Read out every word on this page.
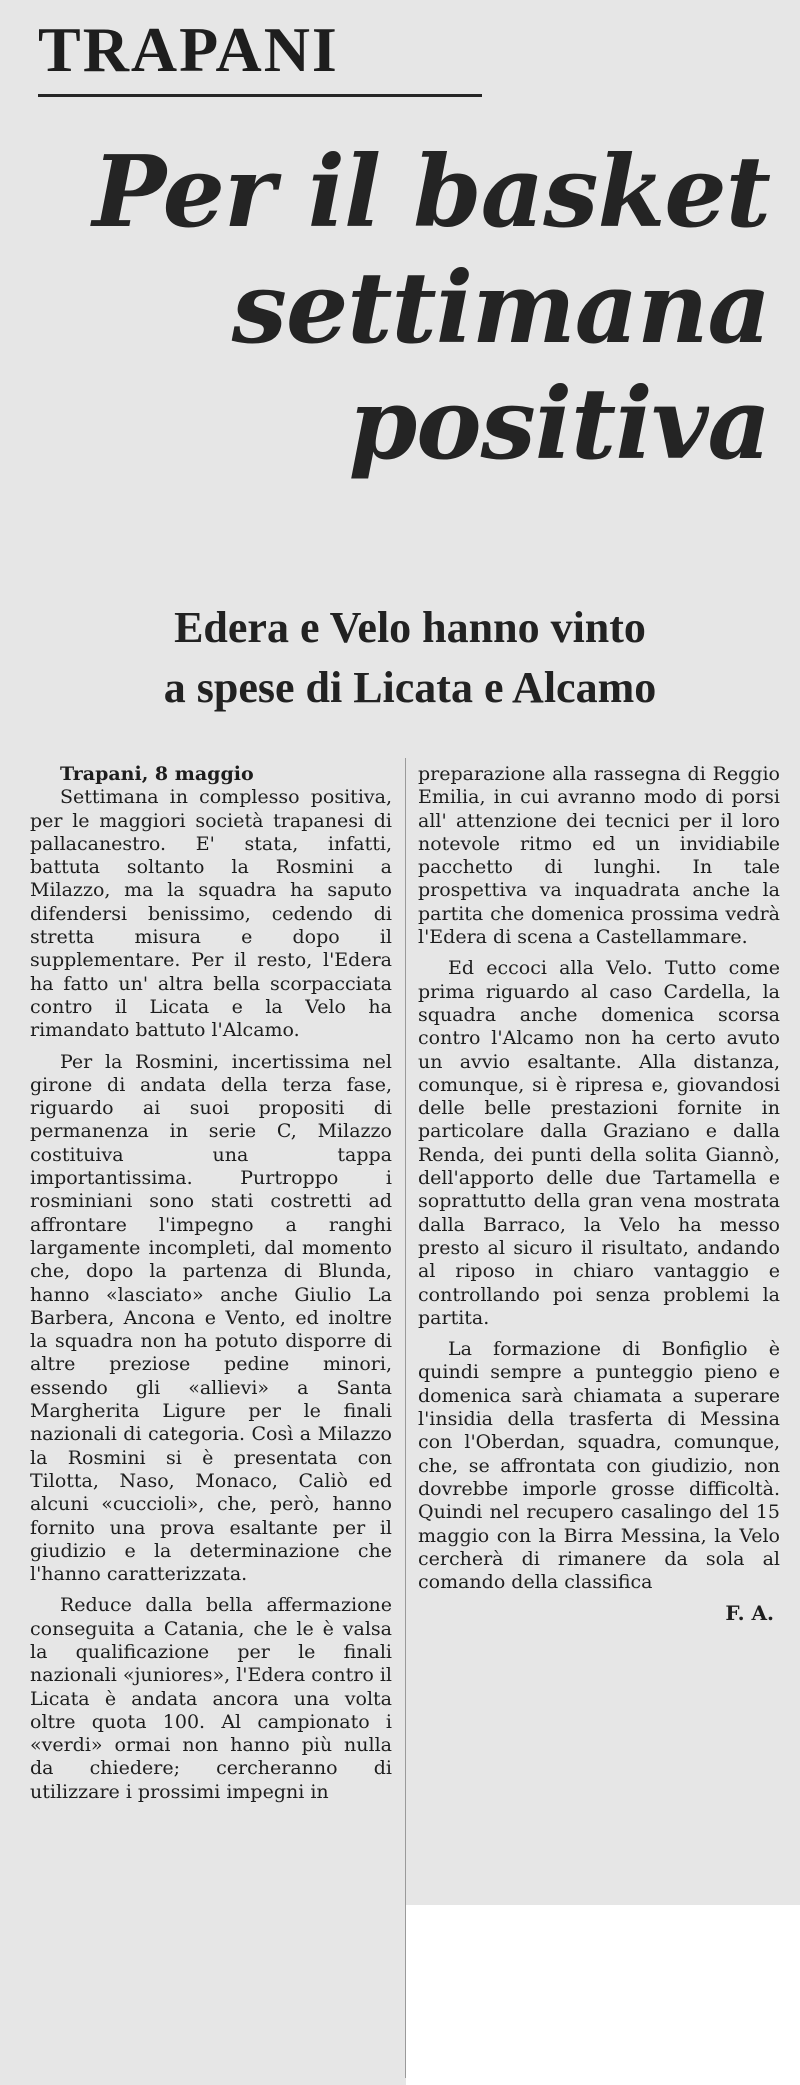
TRAPANI
Per il basket
settimana
positiva
Edera e Velo hanno vinto
a spese di Licata e Alcamo

Trapani, 8 maggio

Settimana in complesso positiva, per le maggiori società trapanesi di pallacanestro. E' stata, infatti, battuta soltanto la Rosmini a Milazzo, ma la squadra ha saputo difendersi benissimo, cedendo di stretta misura e dopo il supplementare. Per il resto, l'Edera ha fatto un' altra bella scorpacciata contro il Licata e la Velo ha rimandato battuto l'Alcamo.

Per la Rosmini, incertissima nel girone di andata della terza fase, riguardo ai suoi propositi di permanenza in serie C, Milazzo costituiva una tappa importantissima. Purtroppo i rosminiani sono stati costretti ad affrontare l'impegno a ranghi largamente incompleti, dal momento che, dopo la partenza di Blunda, hanno «lasciato» anche Giulio La Barbera, Ancona e Vento, ed inoltre la squadra non ha potuto disporre di altre preziose pedine minori, essendo gli «allievi» a Santa Margherita Ligure per le finali nazionali di categoria. Così a Milazzo la Rosmini si è presentata con Tilotta, Naso, Monaco, Caliò ed alcuni «cuccioli», che, però, hanno fornito una prova esaltante per il giudizio e la determinazione che l'hanno caratterizzata.

Reduce dalla bella affermazione conseguita a Catania, che le è valsa la qualificazione per le finali nazionali «juniores», l'Edera contro il Licata è andata ancora una volta oltre quota 100. Al campionato i «verdi» ormai non hanno più nulla da chiedere; cercheranno di utilizzare i prossimi impegni in

preparazione alla rassegna di Reggio Emilia, in cui avranno modo di porsi all' attenzione dei tecnici per il loro notevole ritmo ed un invidiabile pacchetto di lunghi. In tale prospettiva va inquadrata anche la partita che domenica prossima vedrà l'Edera di scena a Castellammare.

Ed eccoci alla Velo. Tutto come prima riguardo al caso Cardella, la squadra anche domenica scorsa contro l'Alcamo non ha certo avuto un avvio esaltante. Alla distanza, comunque, si è ripresa e, giovandosi delle belle prestazioni fornite in particolare dalla Graziano e dalla Renda, dei punti della solita Giannò, dell'apporto delle due Tartamella e soprattutto della gran vena mostrata dalla Barraco, la Velo ha messo presto al sicuro il risultato, andando al riposo in chiaro vantaggio e controllando poi senza problemi la partita.

La formazione di Bonfiglio è quindi sempre a punteggio pieno e domenica sarà chiamata a superare l'insidia della trasferta di Messina con l'Oberdan, squadra, comunque, che, se affrontata con giudizio, non dovrebbe imporle grosse difficoltà. Quindi nel recupero casalingo del 15 maggio con la Birra Messina, la Velo cercherà di rimanere da sola al comando della classifica

F. A.
